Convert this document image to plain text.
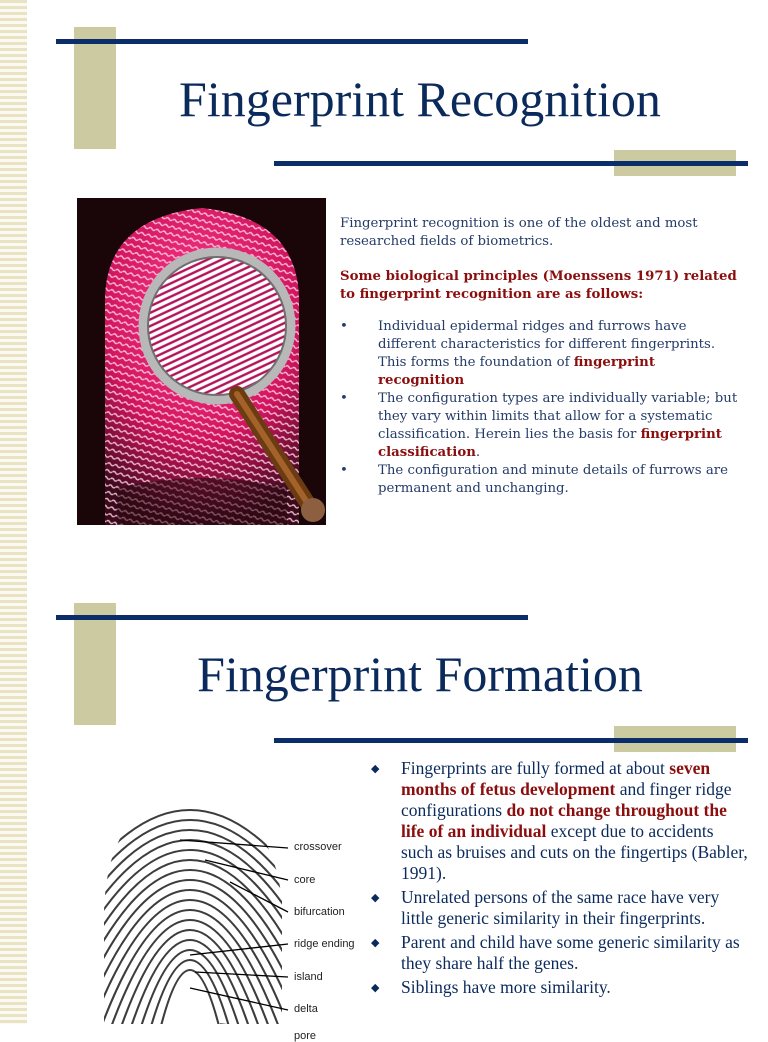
Fingerprint Recognition

Fingerprint recognition is one of the oldest and most researched fields of biometrics.

Some biological principles (Moenssens 1971) related to fingerprint recognition are as follows:

• Individual epidermal ridges and furrows have different characteristics for different fingerprints. This forms the foundation of fingerprint recognition
• The configuration types are individually variable; but they vary within limits that allow for a systematic classification. Herein lies the basis for fingerprint classification.
• The configuration and minute details of furrows are permanent and unchanging.
Fingerprint Formation
crossover
core
bifurcation
ridge ending
island
delta
pore
◆ Fingerprints are fully formed at about seven months of fetus development and finger ridge configurations do not change throughout the life of an individual except due to accidents such as bruises and cuts on the fingertips (Babler, 1991).
◆ Unrelated persons of the same race have very little generic similarity in their fingerprints.
◆ Parent and child have some generic similarity as they share half the genes.
◆ Siblings have more similarity.
